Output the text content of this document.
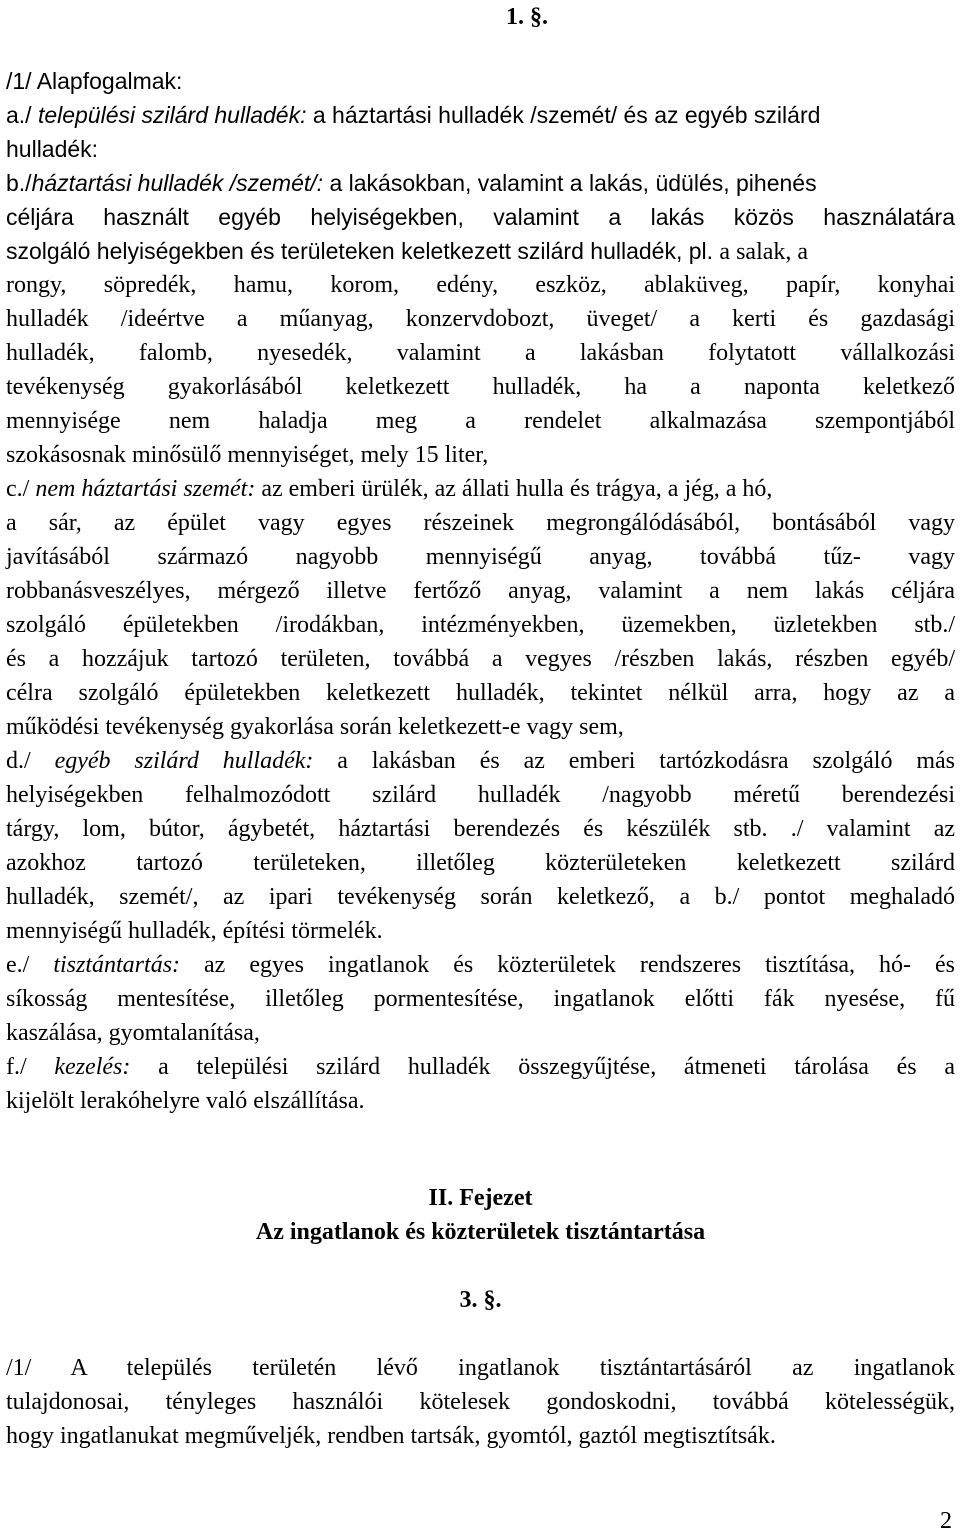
1. §.

/1/ Alapfogalmak:

a./ települési szilárd hulladék: a háztartási hulladék /szemét/ és az egyéb szilárd

hulladék:

b./háztartási hulladék /szemét/: a lakásokban, valamint a lakás, üdülés, pihenés

céljára használt egyéb helyiségekben, valamint a lakás közös használatára

szolgáló helyiségekben és területeken keletkezett szilárd hulladék, pl. a salak, a

rongy, söpredék, hamu, korom, edény, eszköz, ablaküveg, papír, konyhai

hulladék /ideértve a műanyag, konzervdobozt, üveget/ a kerti és gazdasági

hulladék, falomb, nyesedék, valamint a lakásban folytatott vállalkozási

tevékenység gyakorlásából keletkezett hulladék, ha a naponta keletkező

mennyisége nem haladja meg a rendelet alkalmazása szempontjából

szokásosnak minősülő mennyiséget, mely 15 liter,

c./ nem háztartási szemét: az emberi ürülék, az állati hulla és trágya, a jég, a hó,

a sár, az épület vagy egyes részeinek megrongálódásából, bontásából vagy

javításából származó nagyobb mennyiségű anyag, továbbá tűz- vagy

robbanásveszélyes, mérgező illetve fertőző anyag, valamint a nem lakás céljára

szolgáló épületekben /irodákban, intézményekben, üzemekben, üzletekben stb./

és a hozzájuk tartozó területen, továbbá a vegyes /részben lakás, részben egyéb/

célra szolgáló épületekben keletkezett hulladék, tekintet nélkül arra, hogy az a

működési tevékenység gyakorlása során keletkezett-e vagy sem,

d./ egyéb szilárd hulladék: a lakásban és az emberi tartózkodásra szolgáló más

helyiségekben felhalmozódott szilárd hulladék /nagyobb méretű berendezési

tárgy, lom, bútor, ágybetét, háztartási berendezés és készülék stb. ./ valamint az

azokhoz tartozó területeken, illetőleg közterületeken keletkezett szilárd

hulladék, szemét/, az ipari tevékenység során keletkező, a b./ pontot meghaladó

mennyiségű hulladék, építési törmelék.

e./ tisztántartás: az egyes ingatlanok és közterületek rendszeres tisztítása, hó- és

síkosság mentesítése, illetőleg pormentesítése, ingatlanok előtti fák nyesése, fű

kaszálása, gyomtalanítása,

f./ kezelés: a települési szilárd hulladék összegyűjtése, átmeneti tárolása és a

kijelölt lerakóhelyre való elszállítása.

II. Fejezet

Az ingatlanok és közterületek tisztántartása

3. §.

/1/ A település területén lévő ingatlanok tisztántartásáról az ingatlanok

tulajdonosai, tényleges használói kötelesek gondoskodni, továbbá kötelességük,

hogy ingatlanukat megműveljék, rendben tartsák, gyomtól, gaztól megtisztítsák.

2
